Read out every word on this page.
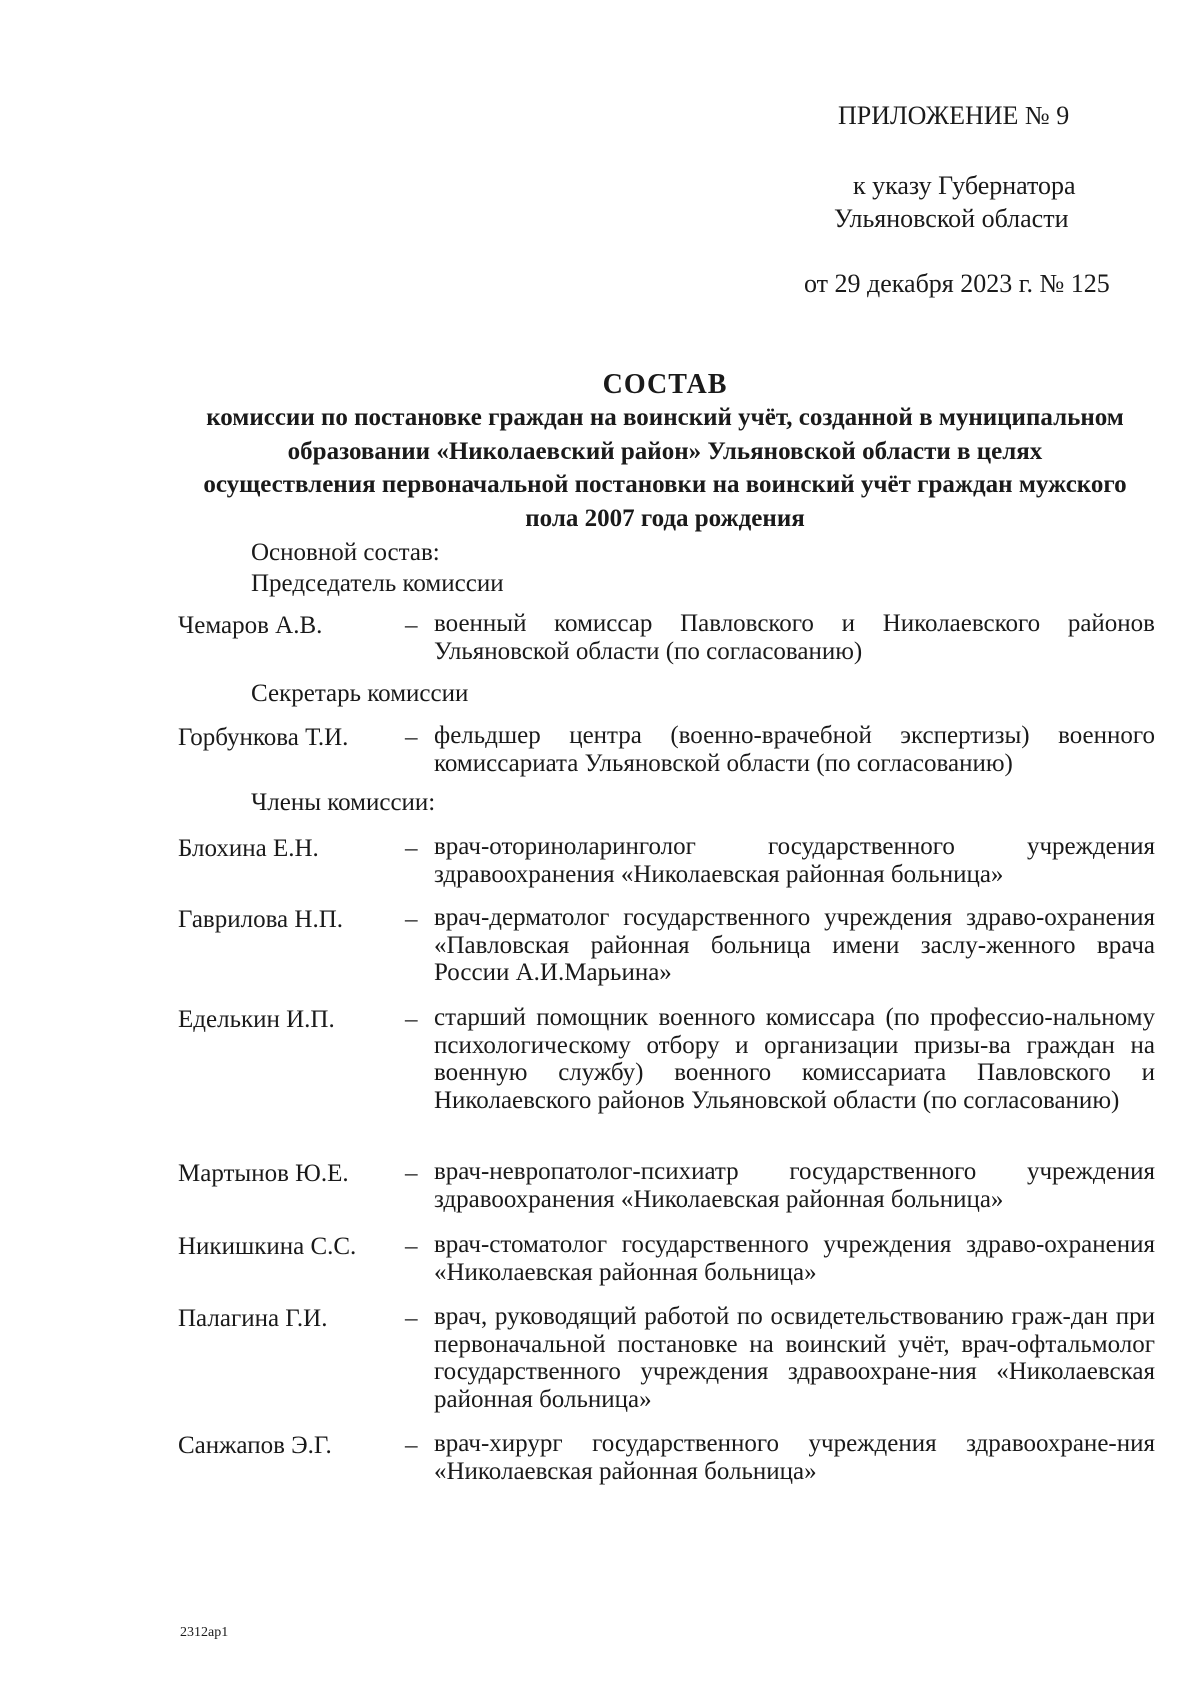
ПРИЛОЖЕНИЕ № 9
к указу Губернатора
Ульяновской области
от 29 декабря 2023 г. № 125
СОСТАВ
комиссии по постановке граждан на воинский учёт, созданной в муниципальном образовании «Николаевский район» Ульяновской области в целях осуществления первоначальной постановки на воинский учёт граждан мужского пола 2007 года рождения
Основной состав:
Председатель комиссии
Чемаров А.В.	– военный комиссар Павловского и Николаевского районов Ульяновской области (по согласованию)
Секретарь комиссии
Горбункова Т.И. – фельдшер центра (военно-врачебной экспертизы) военного комиссариата Ульяновской области (по согласованию)
Члены комиссии:
Блохина Е.Н.	– врач-оториноларинголог государственного учреждения здравоохранения «Николаевская районная больница»
Гаврилова Н.П. – врач-дерматолог государственного учреждения здраво-охранения «Павловская районная больница имени заслу-женного врача России А.И.Марьина»
Еделькин И.П.	– старший помощник военного комиссара (по профессио-нальному психологическому отбору и организации призы-ва граждан на военную службу) военного комиссариата Павловского и Николаевского районов Ульяновской области (по согласованию)
Мартынов Ю.Е. – врач-невропатолог-психиатр государственного учреждения здравоохранения «Николаевская районная больница»
Никишкина С.С. – врач-стоматолог государственного учреждения здраво-охранения «Николаевская районная больница»
Палагина Г.И.	– врач, руководящий работой по освидетельствованию граж-дан при первоначальной постановке на воинский учёт, врач-офтальмолог государственного учреждения здравоохране-ния «Николаевская районная больница»
Санжапов Э.Г.	– врач-хирург государственного учреждения здравоохране-ния «Николаевская районная больница»
2312ap1
